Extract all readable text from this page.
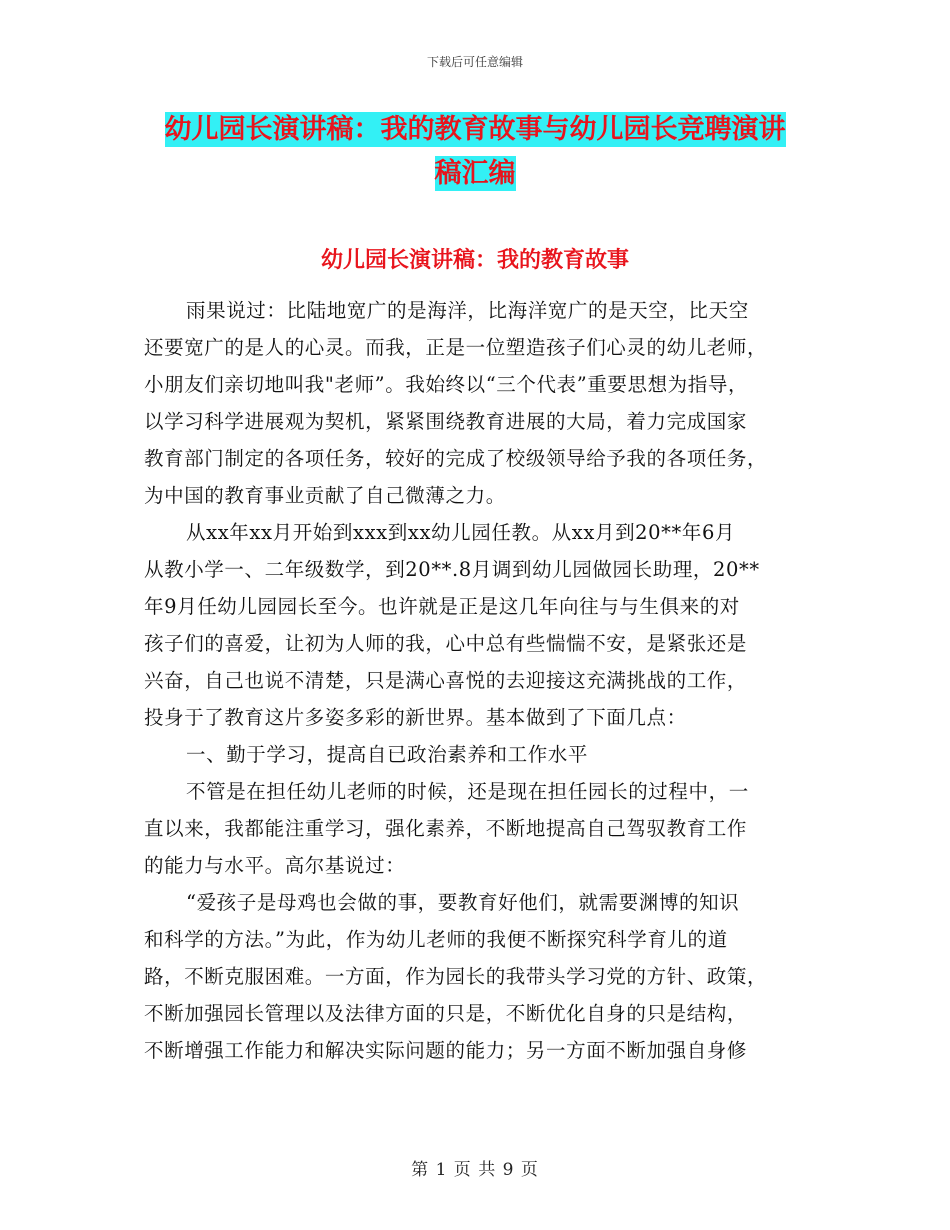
下载后可任意编辑
幼儿园长演讲稿：我的教育故事与幼儿园长竞聘演讲
稿汇编
幼儿园长演讲稿：我的教育故事
雨果说过：比陆地宽广的是海洋，比海洋宽广的是天空，比天空
还要宽广的是人的心灵。而我，正是一位塑造孩子们心灵的幼儿老师，
小朋友们亲切地叫我"老师”。我始终以“三个代表”重要思想为指导，
以学习科学进展观为契机，紧紧围绕教育进展的大局，着力完成国家
教育部门制定的各项任务，较好的完成了校级领导给予我的各项任务，
为中国的教育事业贡献了自己微薄之力。
从xx年xx月开始到xxx到xx幼儿园任教。从xx月到20**年6月
从教小学一、二年级数学，到20**.8月调到幼儿园做园长助理，20**
年9月任幼儿园园长至今。也许就是正是这几年向往与与生俱来的对
孩子们的喜爱，让初为人师的我，心中总有些惴惴不安，是紧张还是
兴奋，自己也说不清楚，只是满心喜悦的去迎接这充满挑战的工作，
投身于了教育这片多姿多彩的新世界。基本做到了下面几点：
一、勤于学习，提高自已政治素养和工作水平
不管是在担任幼儿老师的时候，还是现在担任园长的过程中，一
直以来，我都能注重学习，强化素养，不断地提高自己驾驭教育工作
的能力与水平。高尔基说过：
“爱孩子是母鸡也会做的事，要教育好他们，就需要渊博的知识
和科学的方法。”为此，作为幼儿老师的我便不断探究科学育儿的道
路，不断克服困难。一方面，作为园长的我带头学习党的方针、政策，
不断加强园长管理以及法律方面的只是，不断优化自身的只是结构，
不断增强工作能力和解决实际问题的能力；另一方面不断加强自身修
第 1 页 共 9 页
